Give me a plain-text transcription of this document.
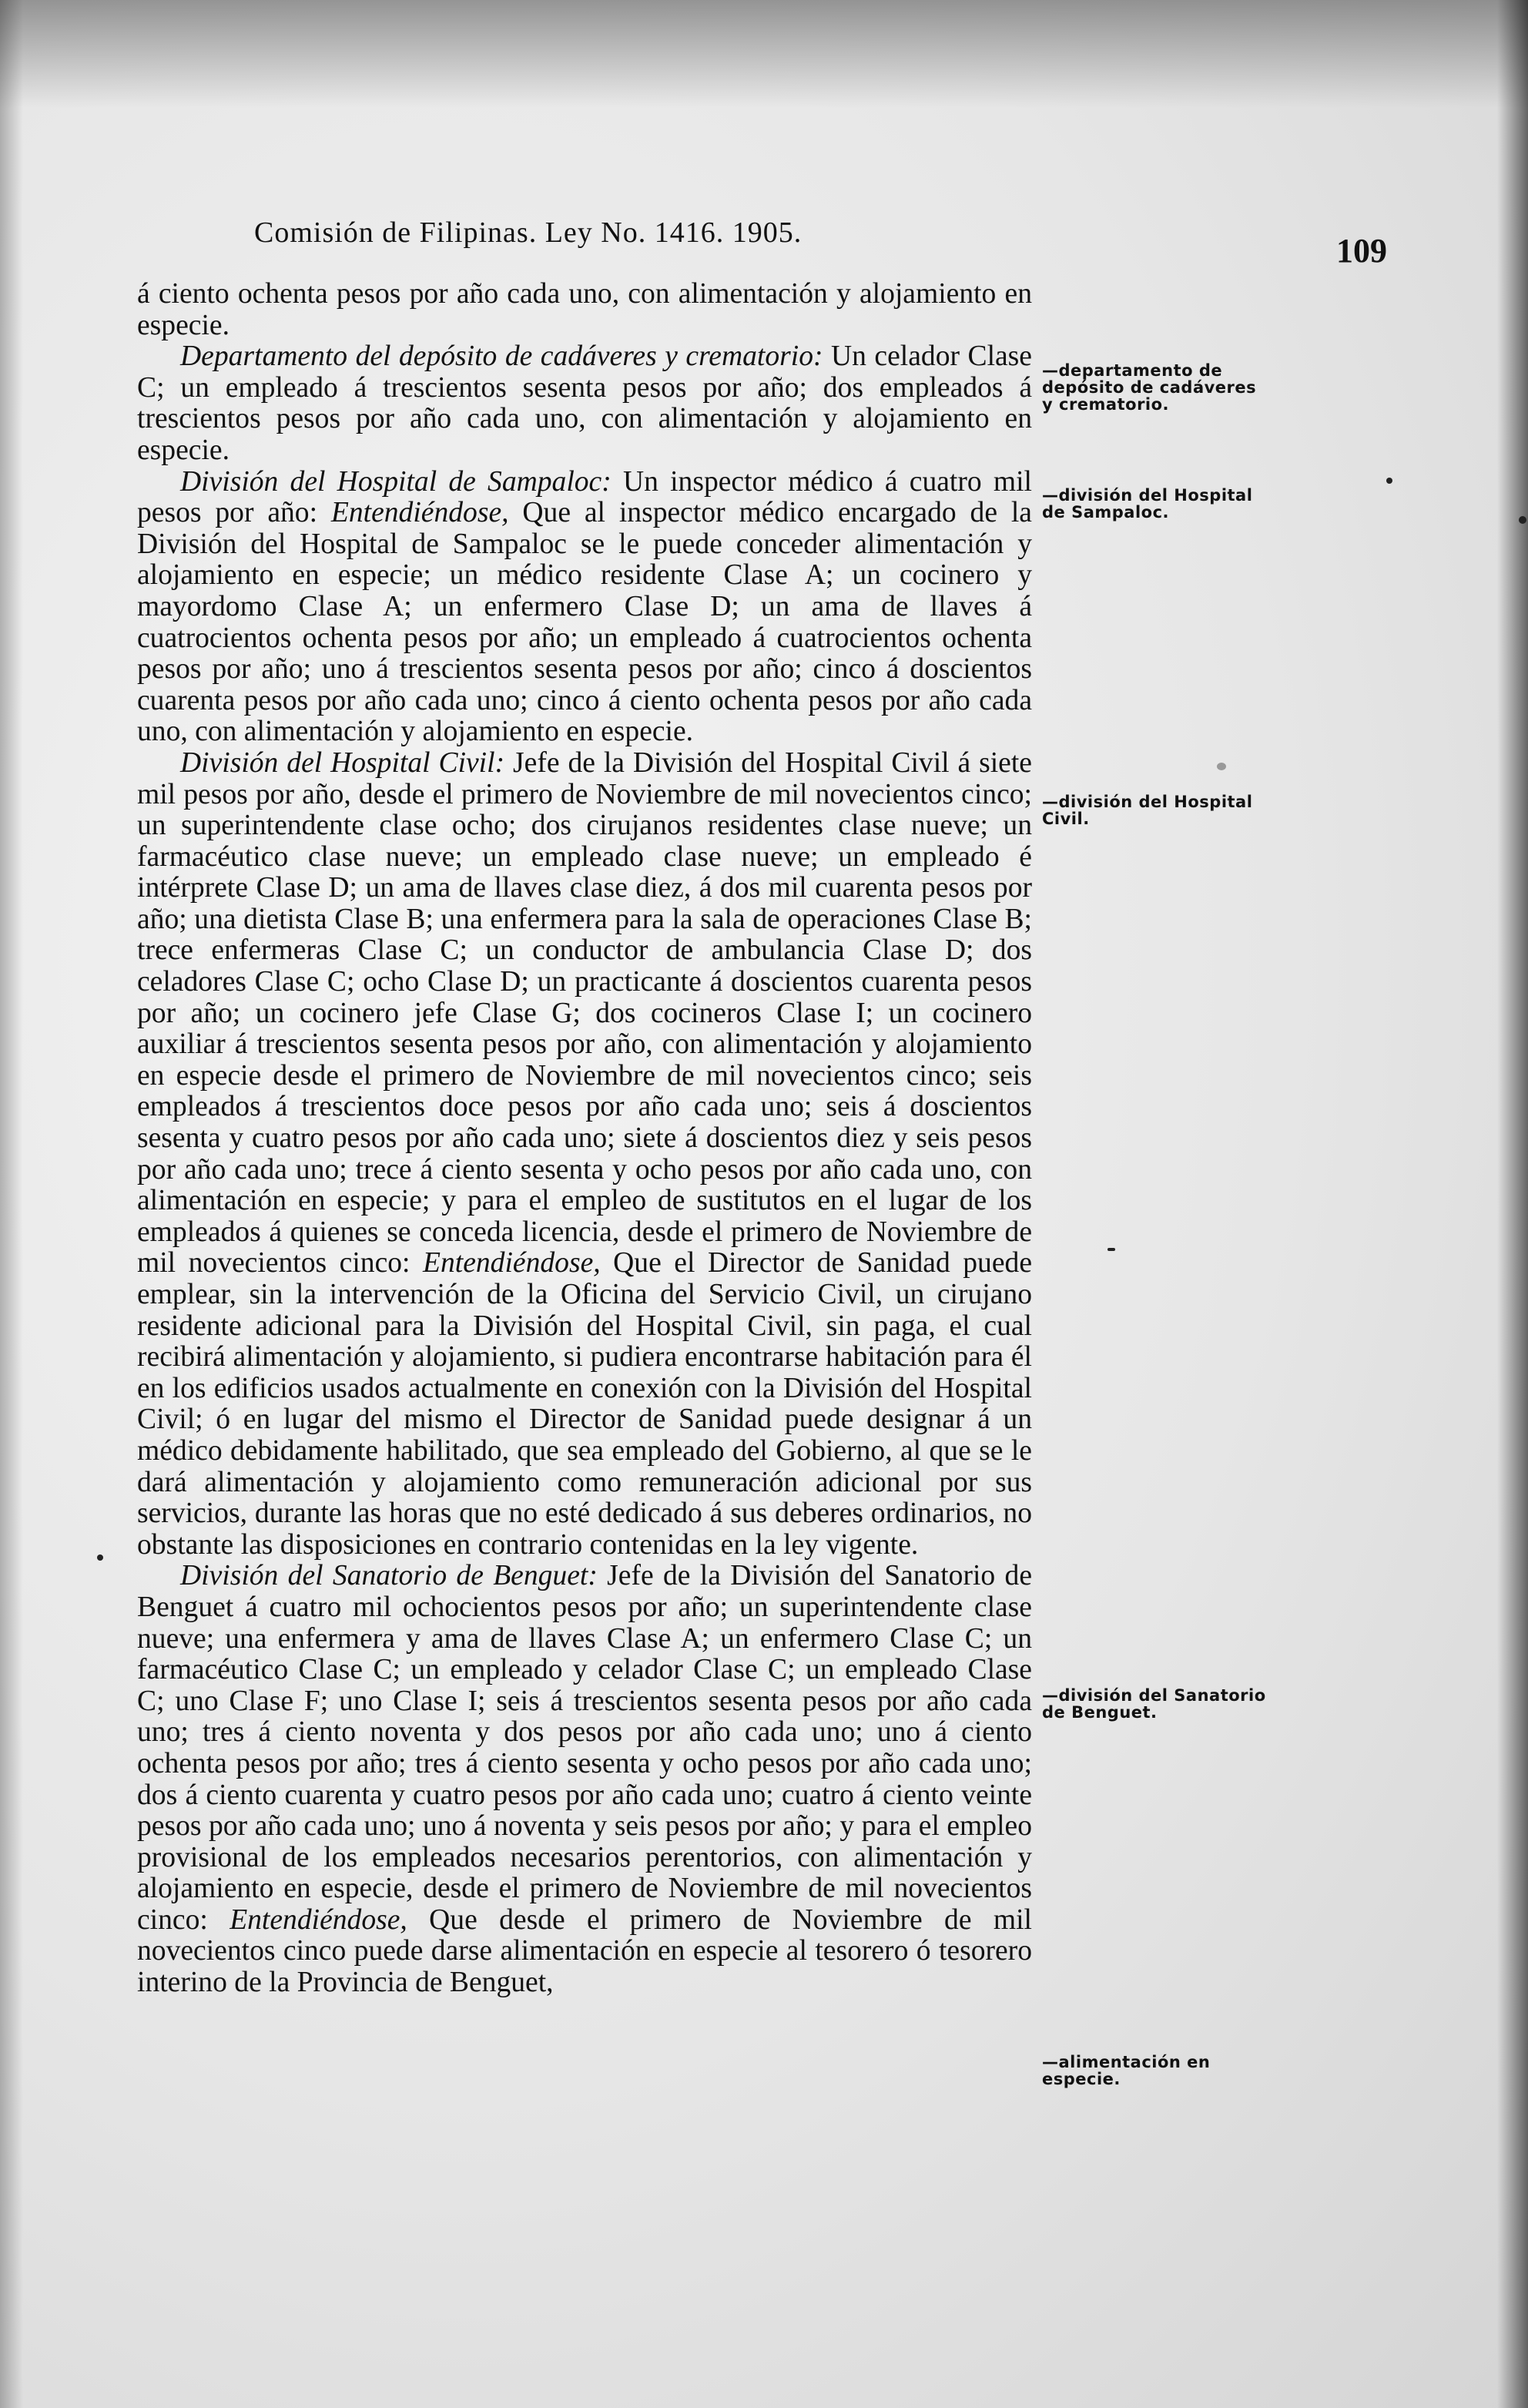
Comisión de Filipinas. Ley No. 1416. 1905.	109

á ciento ochenta pesos por año cada uno, con alimentación y alojamiento en especie.

Departamento del depósito de cadáveres y crematorio: Un celador Clase C; un empleado á trescientos sesenta pesos por año; dos empleados á trescientos pesos por año cada uno, con alimentación y alojamiento en especie.

División del Hospital de Sampaloc: Un inspector médico á cuatro mil pesos por año: Entendiéndose, Que al inspector médico encargado de la División del Hospital de Sampaloc se le puede conceder alimentación y alojamiento en especie; un médico residente Clase A; un cocinero y mayordomo Clase A; un enfermero Clase D; un ama de llaves á cuatrocientos ochenta pesos por año; un empleado á cuatrocientos ochenta pesos por año; uno á trescientos sesenta pesos por año; cinco á doscientos cuarenta pesos por año cada uno; cinco á ciento ochenta pesos por año cada uno, con alimentación y alojamiento en especie.

División del Hospital Civil: Jefe de la División del Hospital Civil á siete mil pesos por año, desde el primero de Noviembre de mil novecientos cinco; un superintendente clase ocho; dos cirujanos residentes clase nueve; un farmacéutico clase nueve; un empleado clase nueve; un empleado é intérprete Clase D; un ama de llaves clase diez, á dos mil cuarenta pesos por año; una dietista Clase B; una enfermera para la sala de operaciones Clase B; trece enfermeras Clase C; un conductor de ambulancia Clase D; dos celadores Clase C; ocho Clase D; un practicante á doscientos cuarenta pesos por año; un cocinero jefe Clase G; dos cocineros Clase I; un cocinero auxiliar á trescientos sesenta pesos por año, con alimentación y alojamiento en especie desde el primero de Noviembre de mil novecientos cinco; seis empleados á trescientos doce pesos por año cada uno; seis á doscientos sesenta y cuatro pesos por año cada uno; siete á doscientos diez y seis pesos por año cada uno; trece á ciento sesenta y ocho pesos por año cada uno, con alimentación en especie; y para el empleo de sustitutos en el lugar de los empleados á quienes se conceda licencia, desde el primero de Noviembre de mil novecientos cinco: Entendiéndose, Que el Director de Sanidad puede emplear, sin la intervención de la Oficina del Servicio Civil, un cirujano residente adicional para la División del Hospital Civil, sin paga, el cual recibirá alimentación y alojamiento, si pudiera encontrarse habitación para él en los edificios usados actualmente en conexión con la División del Hospital Civil; ó en lugar del mismo el Director de Sanidad puede designar á un médico debidamente habilitado, que sea empleado del Gobierno, al que se le dará alimentación y alojamiento como remuneración adicional por sus servicios, durante las horas que no esté dedicado á sus deberes ordinarios, no obstante las disposiciones en contrario contenidas en la ley vigente.

División del Sanatorio de Benguet: Jefe de la División del Sanatorio de Benguet á cuatro mil ochocientos pesos por año; un superintendente clase nueve; una enfermera y ama de llaves Clase A; un enfermero Clase C; un farmacéutico Clase C; un empleado y celador Clase C; un empleado Clase C; uno Clase F; uno Clase I; seis á trescientos sesenta pesos por año cada uno; tres á ciento noventa y dos pesos por año cada uno; uno á ciento ochenta pesos por año; tres á ciento sesenta y ocho pesos por año cada uno; dos á ciento cuarenta y cuatro pesos por año cada uno; cuatro á ciento veinte pesos por año cada uno; uno á noventa y seis pesos por año; y para el empleo provisional de los empleados necesarios perentorios, con alimentación y alojamiento en especie, desde el primero de Noviembre de mil novecientos cinco: Entendiéndose, Que desde el primero de Noviembre de mil novecientos cinco puede darse alimentación en especie al tesorero ó tesorero interino de la Provincia de Benguet,

—departamento de depósito de cadáveres y crematorio.
—división del Hospital de Sampaloc.
—división del Hospital Civil.
—división del Sanatorio de Benguet.
—alimentación en especie.
